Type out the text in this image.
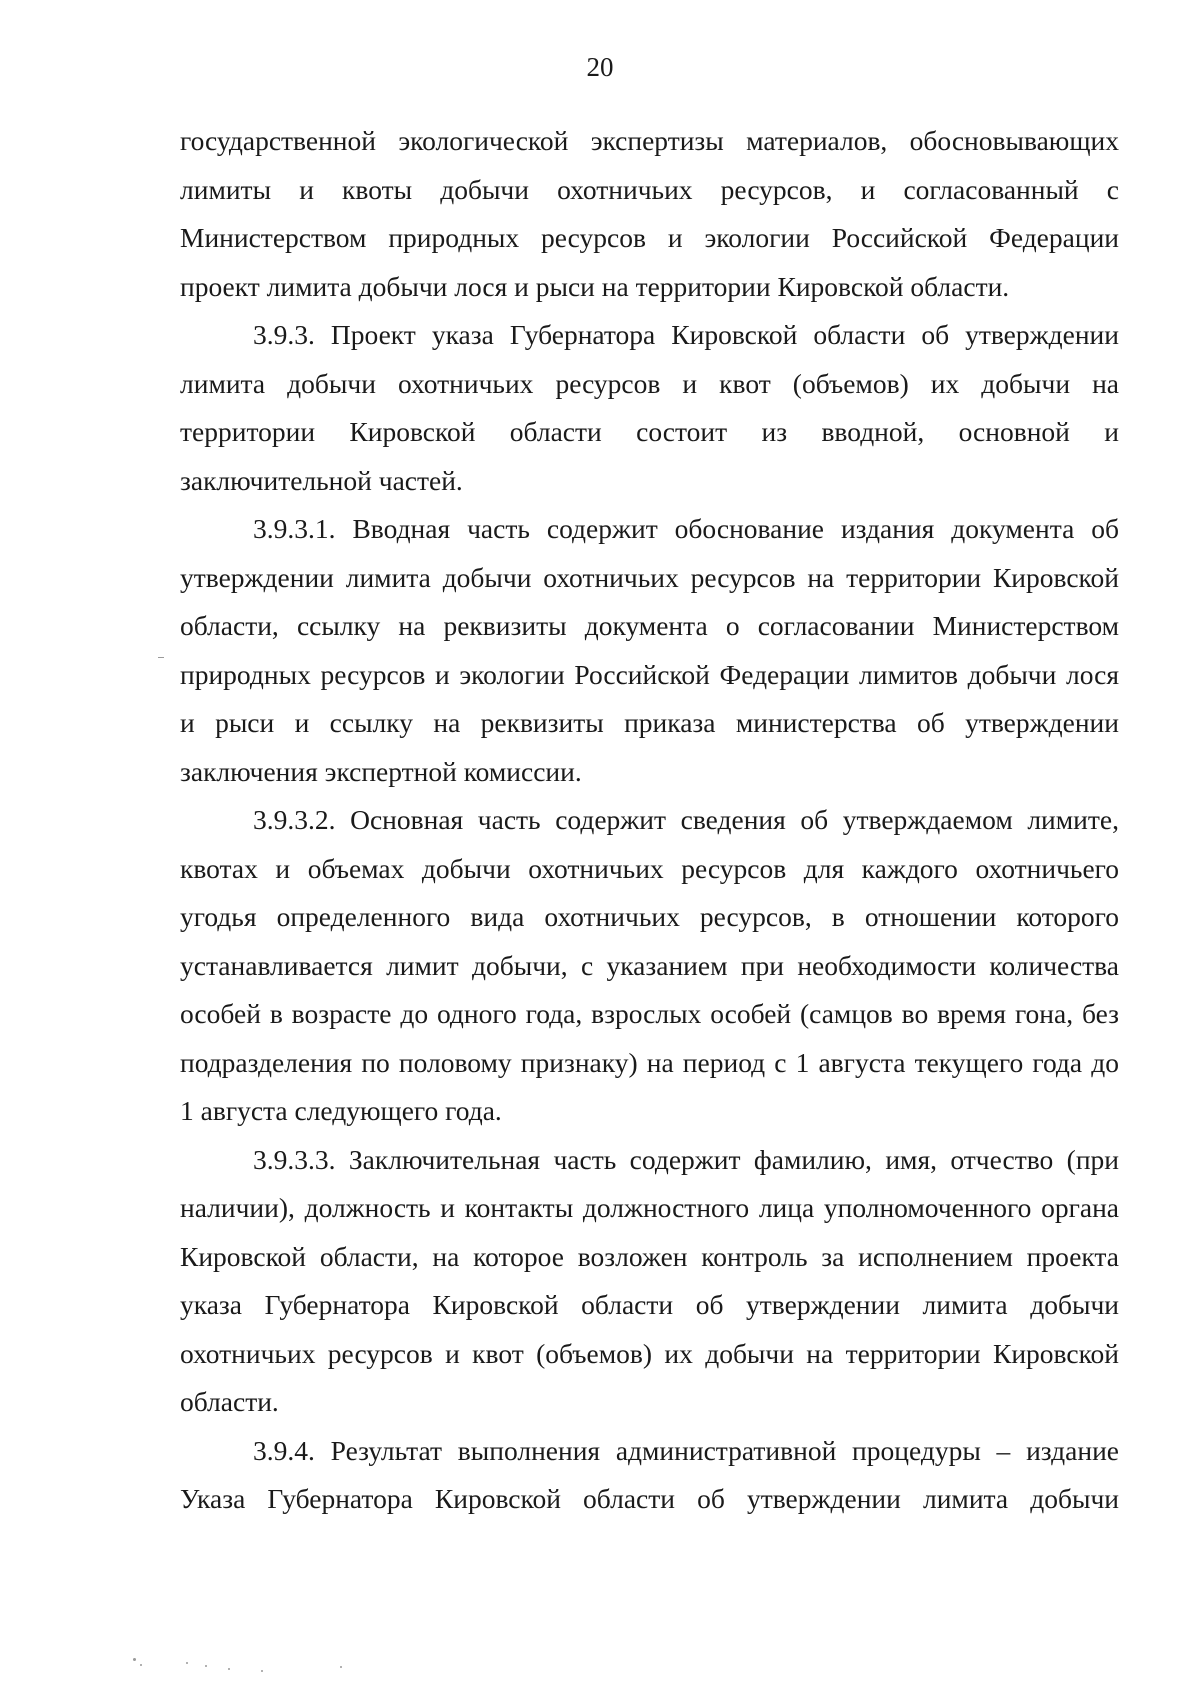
20
государственной экологической экспертизы материалов, обосновывающих
лимиты и квоты добычи охотничьих ресурсов, и согласованный с
Министерством природных ресурсов и экологии Российской Федерации
проект лимита добычи лося и рыси на территории Кировской области.
3.9.3. Проект указа Губернатора Кировской области об утверждении
лимита добычи охотничьих ресурсов и квот (объемов) их добычи на
территории Кировской области состоит из вводной, основной и
заключительной частей.
3.9.3.1. Вводная часть содержит обоснование издания документа об
утверждении лимита добычи охотничьих ресурсов на территории Кировской
области, ссылку на реквизиты документа о согласовании Министерством
природных ресурсов и экологии Российской Федерации лимитов добычи лося
и рыси и ссылку на реквизиты приказа министерства об утверждении
заключения экспертной комиссии.
3.9.3.2. Основная часть содержит сведения об утверждаемом лимите,
квотах и объемах добычи охотничьих ресурсов для каждого охотничьего
угодья определенного вида охотничьих ресурсов, в отношении которого
устанавливается лимит добычи, с указанием при необходимости количества
особей в возрасте до одного года, взрослых особей (самцов во время гона, без
подразделения по половому признаку) на период с 1 августа текущего года до
1 августа следующего года.
3.9.3.3. Заключительная часть содержит фамилию, имя, отчество (при
наличии), должность и контакты должностного лица уполномоченного органа
Кировской области, на которое возложен контроль за исполнением проекта
указа Губернатора Кировской области об утверждении лимита добычи
охотничьих ресурсов и квот (объемов) их добычи на территории Кировской
области.
3.9.4. Результат выполнения административной процедуры – издание
Указа Губернатора Кировской области об утверждении лимита добычи
